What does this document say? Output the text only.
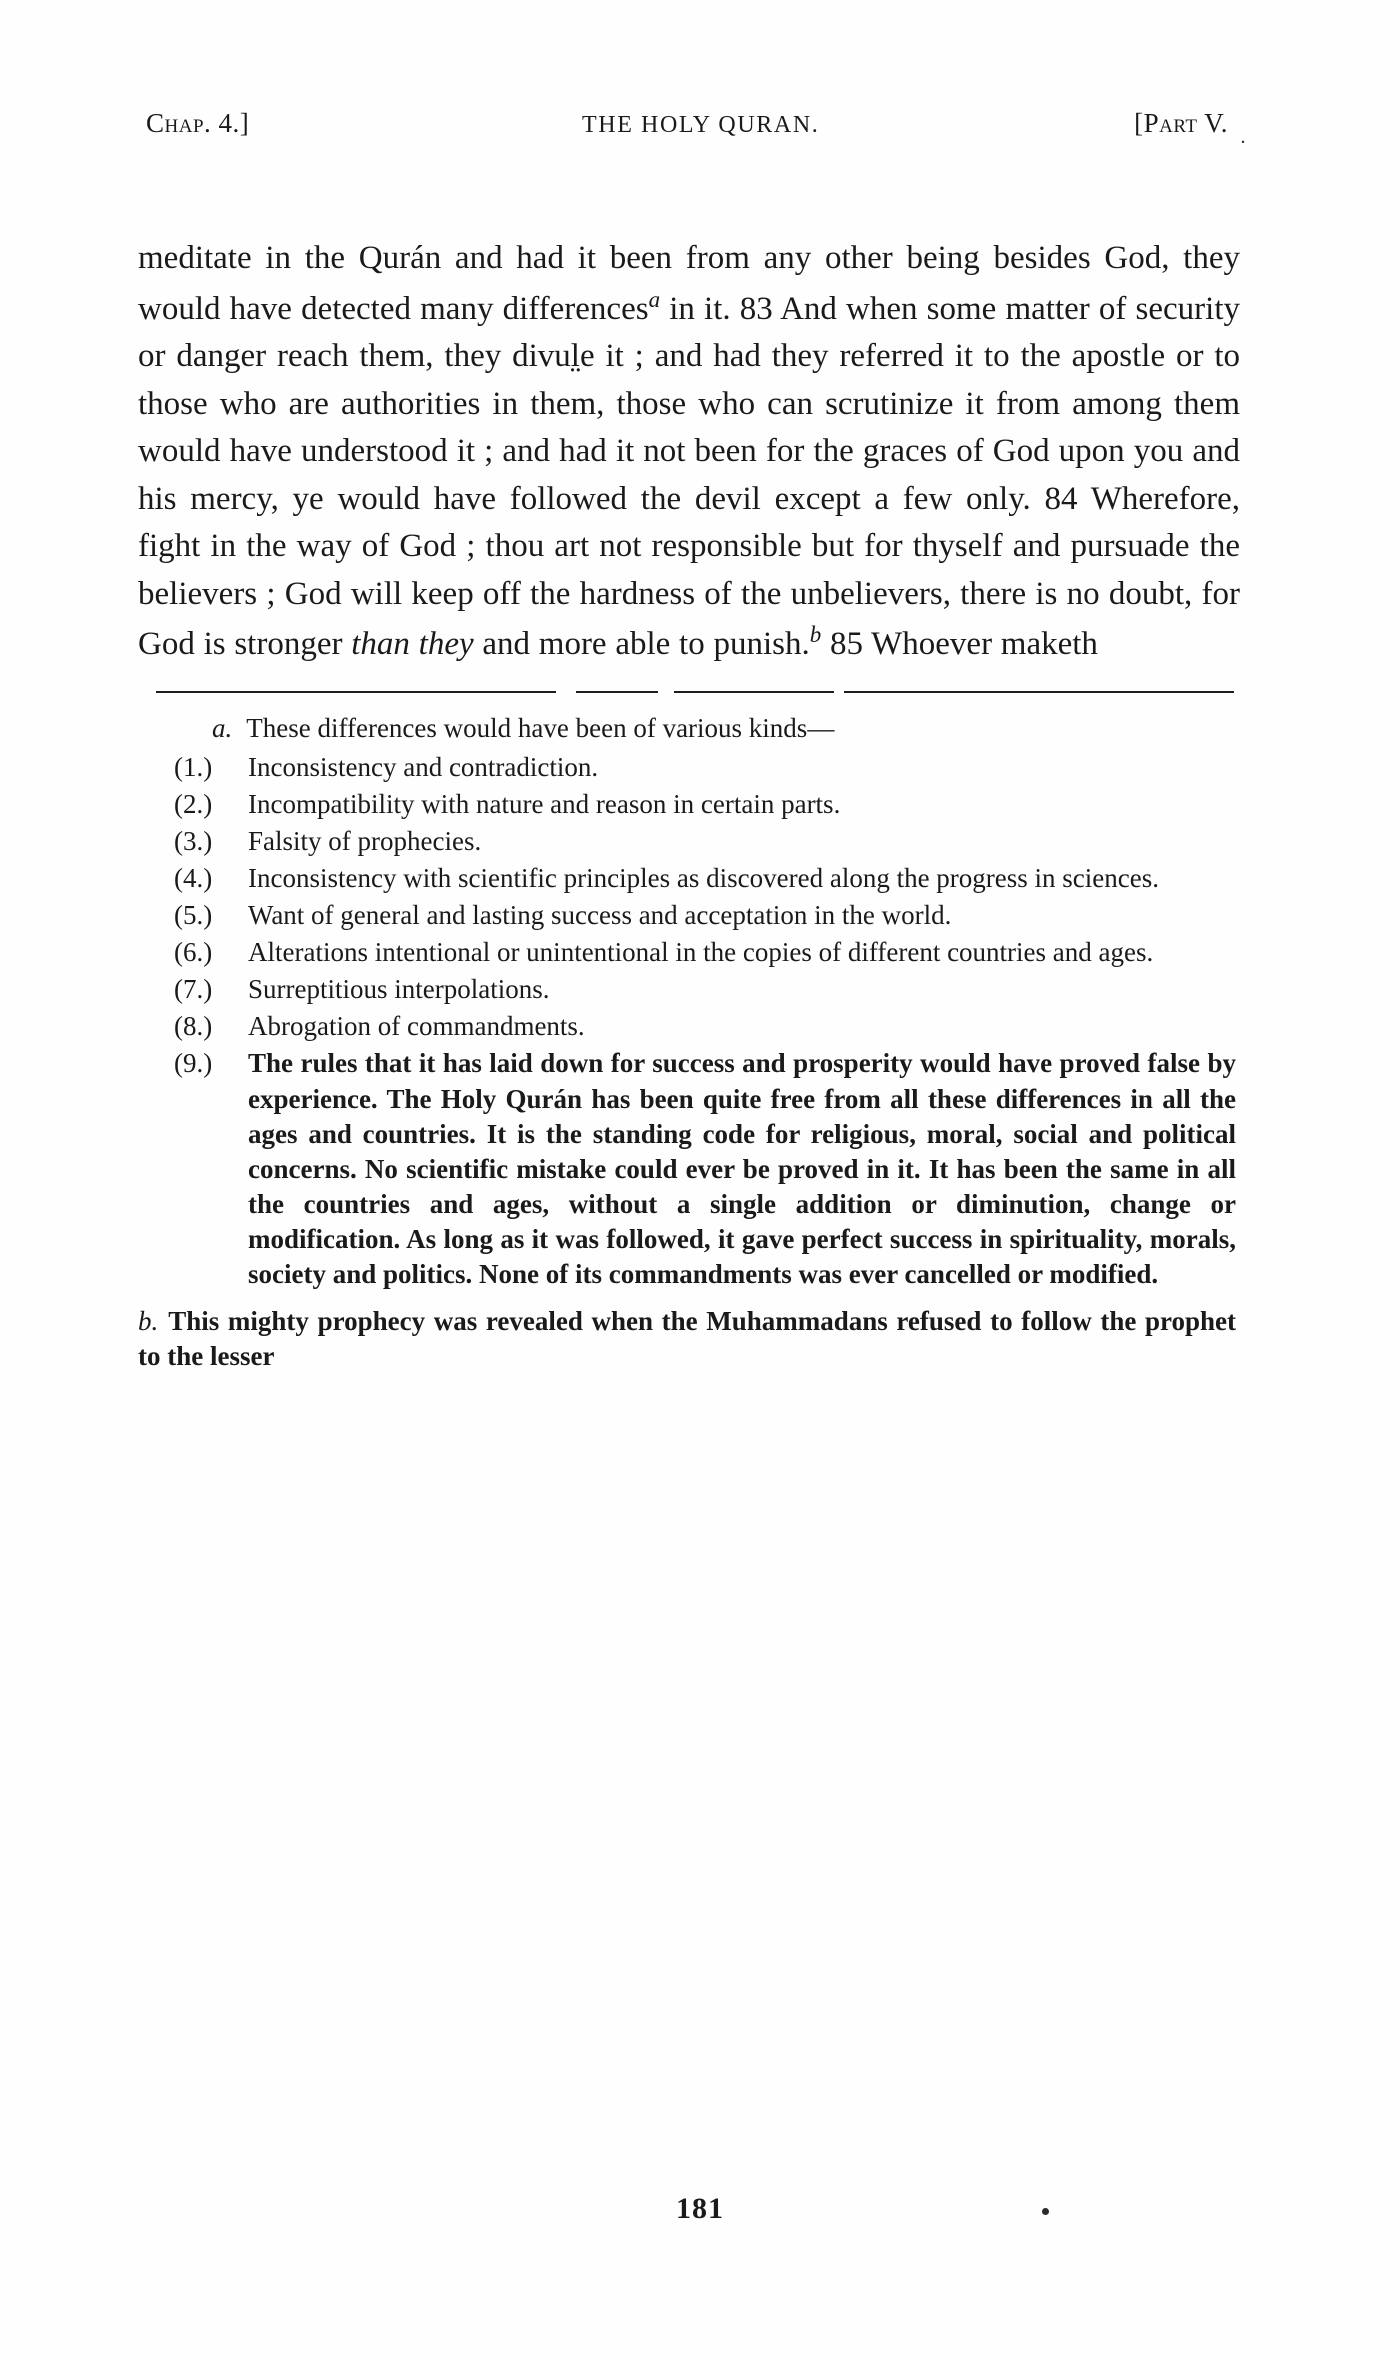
Chap. 4.]	THE HOLY QURAN.	[Part V. .

meditate in the Qurán and had it been from any other being besides God, they would have detected many differences$^a$ in it. 83 And when some matter of security or danger reach them, they divul̤e it ; and had they referred it to the apostle or to those who are authorities in them, those who can scrutinize it from among them would have understood it ; and had it not been for the graces of God upon you and his mercy, ye would have followed the devil except a few only. 84 Wherefore, fight in the way of God ; thou art not responsible but for thyself and pursuade the believers ; God will keep off the hardness of the unbelievers, there is no doubt, for God is stronger than they and more able to punish.$^b$ 85 Whoever maketh

a. These differences would have been of various kinds—
(1.)	Inconsistency and contradiction.
(2.)	Incompatibility with nature and reason in certain parts.
(3.)	Falsity of prophecies.
(4.)	Inconsistency with scientific principles as discovered along the progress in sciences.
(5.)	Want of general and lasting success and acceptation in the world.
(6.)	Alterations intentional or unintentional in the copies of different countries and ages.
(7.)	Surreptitious interpolations.
(8.)	Abrogation of commandments.
(9.)	The rules that it has laid down for success and prosperity would have proved false by experience. The Holy Qurán has been quite free from all these differences in all the ages and countries. It is the standing code for religious, moral, social and political concerns. No scientific mistake could ever be proved in it. It has been the same in all the countries and ages, without a single addition or diminution, change or modification. As long as it was followed, it gave perfect success in spirituality, morals, society and politics. None of its commandments was ever cancelled or modified.
b. This mighty prophecy was revealed when the Muhammadans refused to follow the prophet to the lesser
181
